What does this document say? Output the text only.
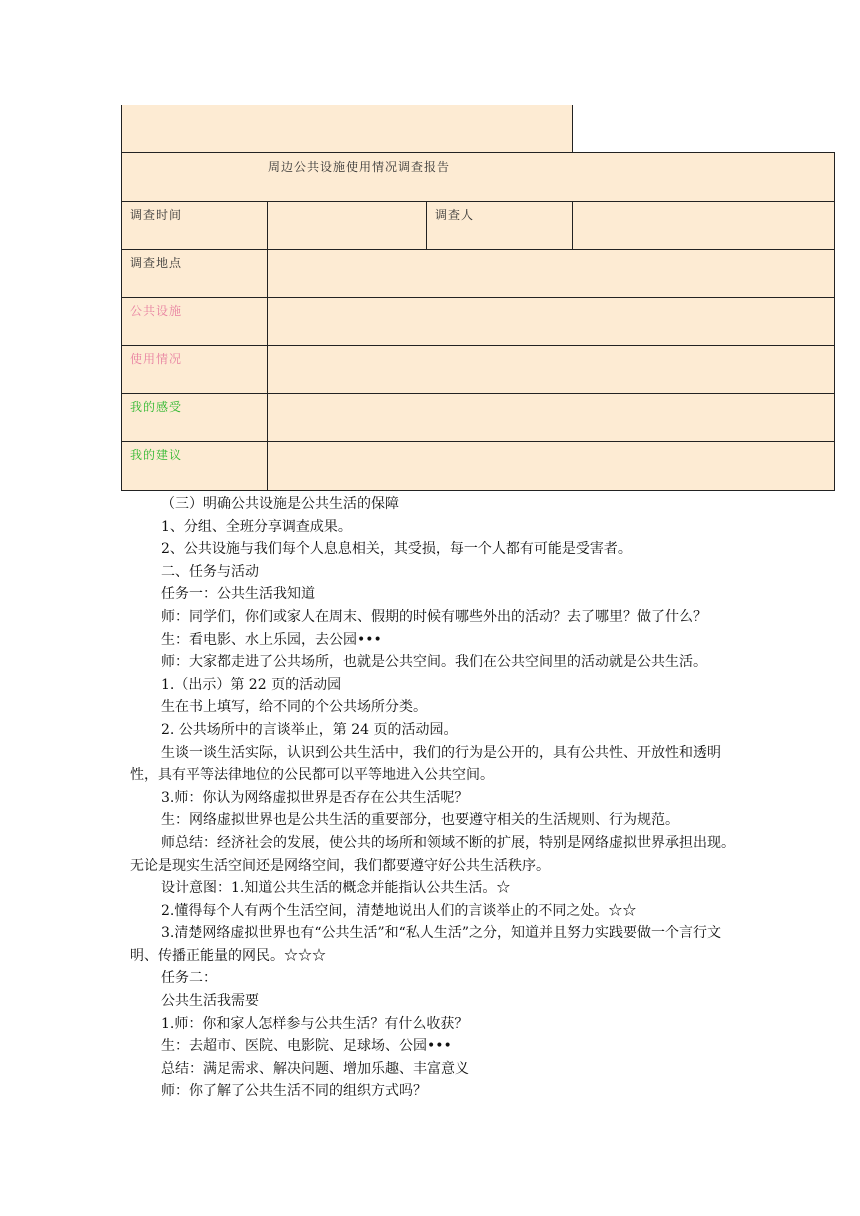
周边公共设施使用情况调查报告			
调查时间		调查人	
调查地点			
公共设施			
使用情况			
我的感受			
我的建议			

（三）明确公共设施是公共生活的保障

1、分组、全班分享调查成果。

2、公共设施与我们每个人息息相关，其受损，每一个人都有可能是受害者。

二、任务与活动

任务一：公共生活我知道

师：同学们，你们或家人在周末、假期的时候有哪些外出的活动？去了哪里？做了什么？

生：看电影、水上乐园，去公园•••

师：大家都走进了公共场所，也就是公共空间。我们在公共空间里的活动就是公共生活。

1.（出示）第 22 页的活动园

生在书上填写，给不同的个公共场所分类。

2. 公共场所中的言谈举止，第 24 页的活动园。

生谈一谈生活实际，认识到公共生活中，我们的行为是公开的，具有公共性、开放性和透明性，具有平等法律地位的公民都可以平等地进入公共空间。

3.师：你认为网络虚拟世界是否存在公共生活呢？

生：网络虚拟世界也是公共生活的重要部分，也要遵守相关的生活规则、行为规范。

师总结：经济社会的发展，使公共的场所和领域不断的扩展，特别是网络虚拟世界承担出现。无论是现实生活空间还是网络空间，我们都要遵守好公共生活秩序。

设计意图：1.知道公共生活的概念并能指认公共生活。☆

2.懂得每个人有两个生活空间，清楚地说出人们的言谈举止的不同之处。☆☆

3.清楚网络虚拟世界也有“公共生活”和“私人生活”之分，知道并且努力实践要做一个言行文明、传播正能量的网民。☆☆☆

任务二：

公共生活我需要

1.师：你和家人怎样参与公共生活？有什么收获？

生：去超市、医院、电影院、足球场、公园•••

总结：满足需求、解决问题、增加乐趣、丰富意义

师：你了解了公共生活不同的组织方式吗？
